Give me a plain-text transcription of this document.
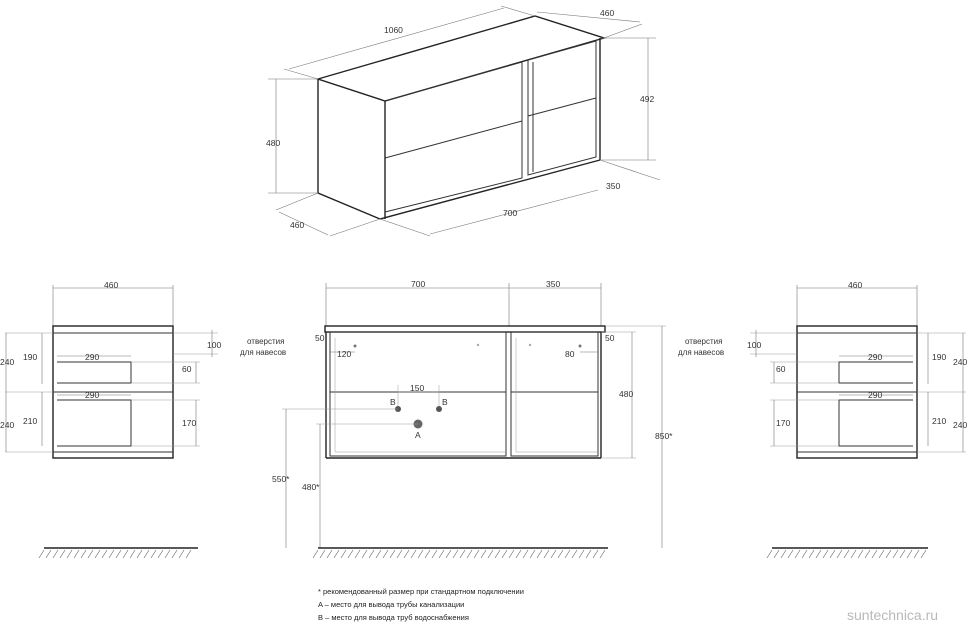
1060
460
492
480
460
700
350
460
240
240
190
210
290
290
100
60
170
700	350
отверстия
для навесов
отверстия
для навесов
50	50
120	80
150
B	B
A
480
850*
550*
480*
460
100
60
170
290
290
190
210
240
240
* рекомендованный размер при стандартном подключении
A – место для вывода трубы канализации
B – место для вывода труб водоснабжения	suntechnica.ru
